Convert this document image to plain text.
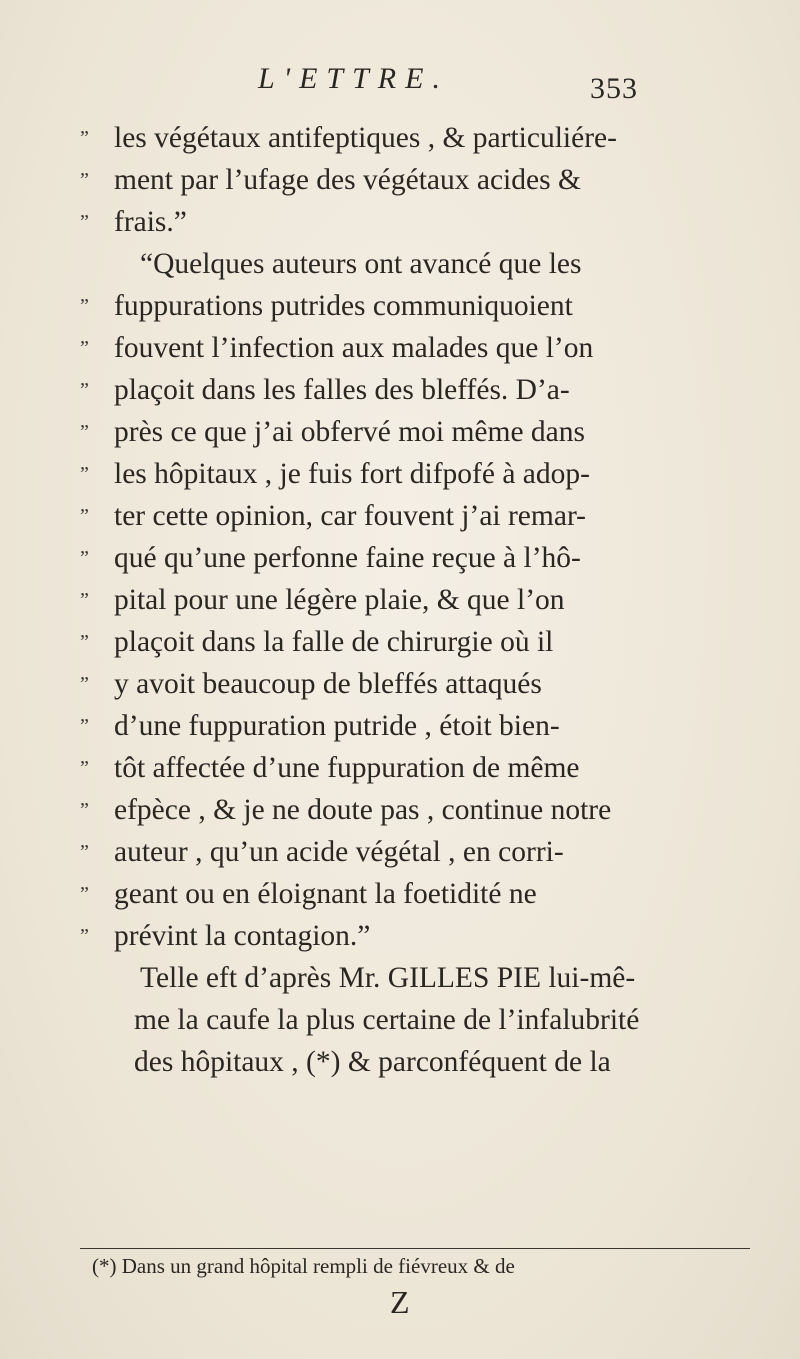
L'ETTRE.	353
” les végétaux antifeptiques , & particuliére-
” ment par l’ufage des végétaux acides &
” frais.”
“Quelques auteurs ont avancé que les
” fuppurations putrides communiquoient
” fouvent l’infection aux malades que l’on
” plaçoit dans les falles des bleffés. D’a-
” près ce que j’ai obfervé moi même dans
” les hôpitaux , je fuis fort difpofé à adop-
” ter cette opinion, car fouvent j’ai remar-
” qué qu’une perfonne faine reçue à l’hô-
” pital pour une légère plaie, & que l’on
” plaçoit dans la falle de chirurgie où il
” y avoit beaucoup de bleffés attaqués
” d’une fuppuration putride , étoit bien-
” tôt affectée d’une fuppuration de même
” efpèce , & je ne doute pas , continue notre
” auteur , qu’un acide végétal , en corri-
” geant ou en éloignant la foetidité ne
” prévint la contagion.”
Telle eft d’après Mr. GILLES PIE lui-mê-
me la caufe la plus certaine de l’infalubrité
des hôpitaux , (*) & parconféquent de la
(*) Dans un grand hôpital rempli de fiévreux & de
Z
